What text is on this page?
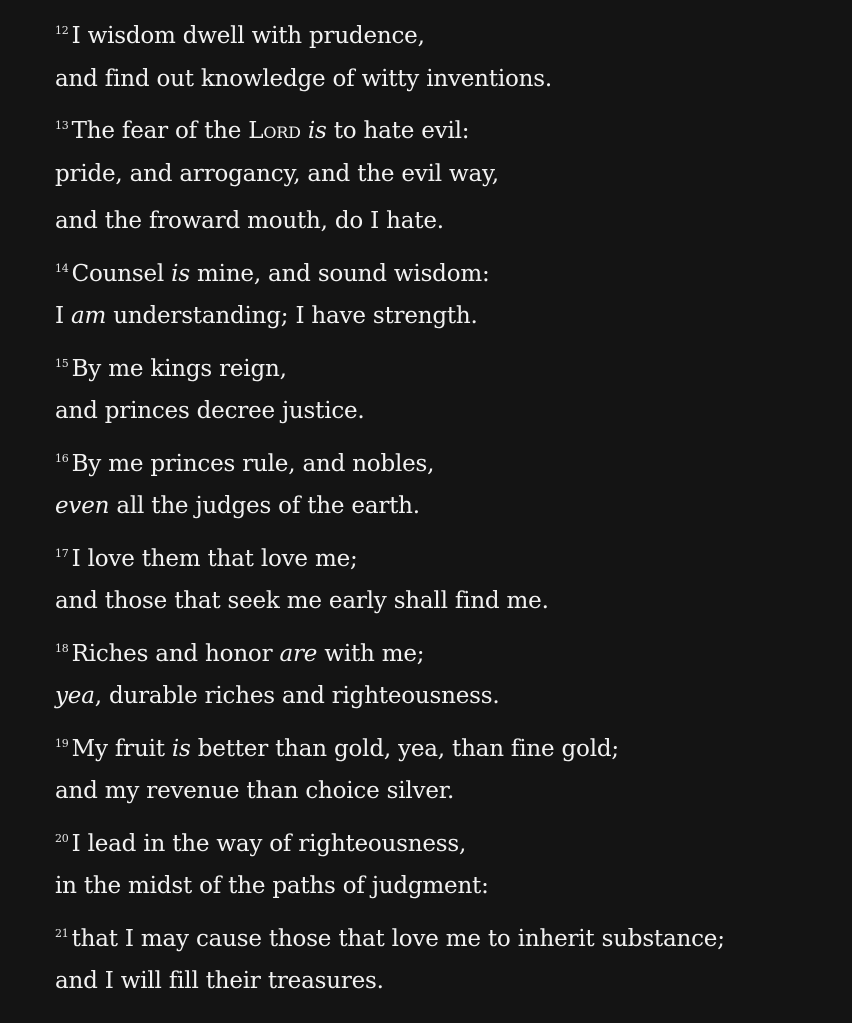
$^{12}$ I wisdom dwell with prudence,
and find out knowledge of witty inventions.
$^{13}$ The fear of the Lord is to hate evil:
pride, and arrogancy, and the evil way,
and the froward mouth, do I hate.
$^{14}$ Counsel is mine, and sound wisdom:
I am understanding; I have strength.
$^{15}$ By me kings reign,
and princes decree justice.
$^{16}$ By me princes rule, and nobles,
even all the judges of the earth.
$^{17}$ I love them that love me;
and those that seek me early shall find me.
$^{18}$ Riches and honor are with me;
yea, durable riches and righteousness.
$^{19}$ My fruit is better than gold, yea, than fine gold;
and my revenue than choice silver.
$^{20}$ I lead in the way of righteousness,
in the midst of the paths of judgment:
$^{21}$ that I may cause those that love me to inherit substance;
and I will fill their treasures.
